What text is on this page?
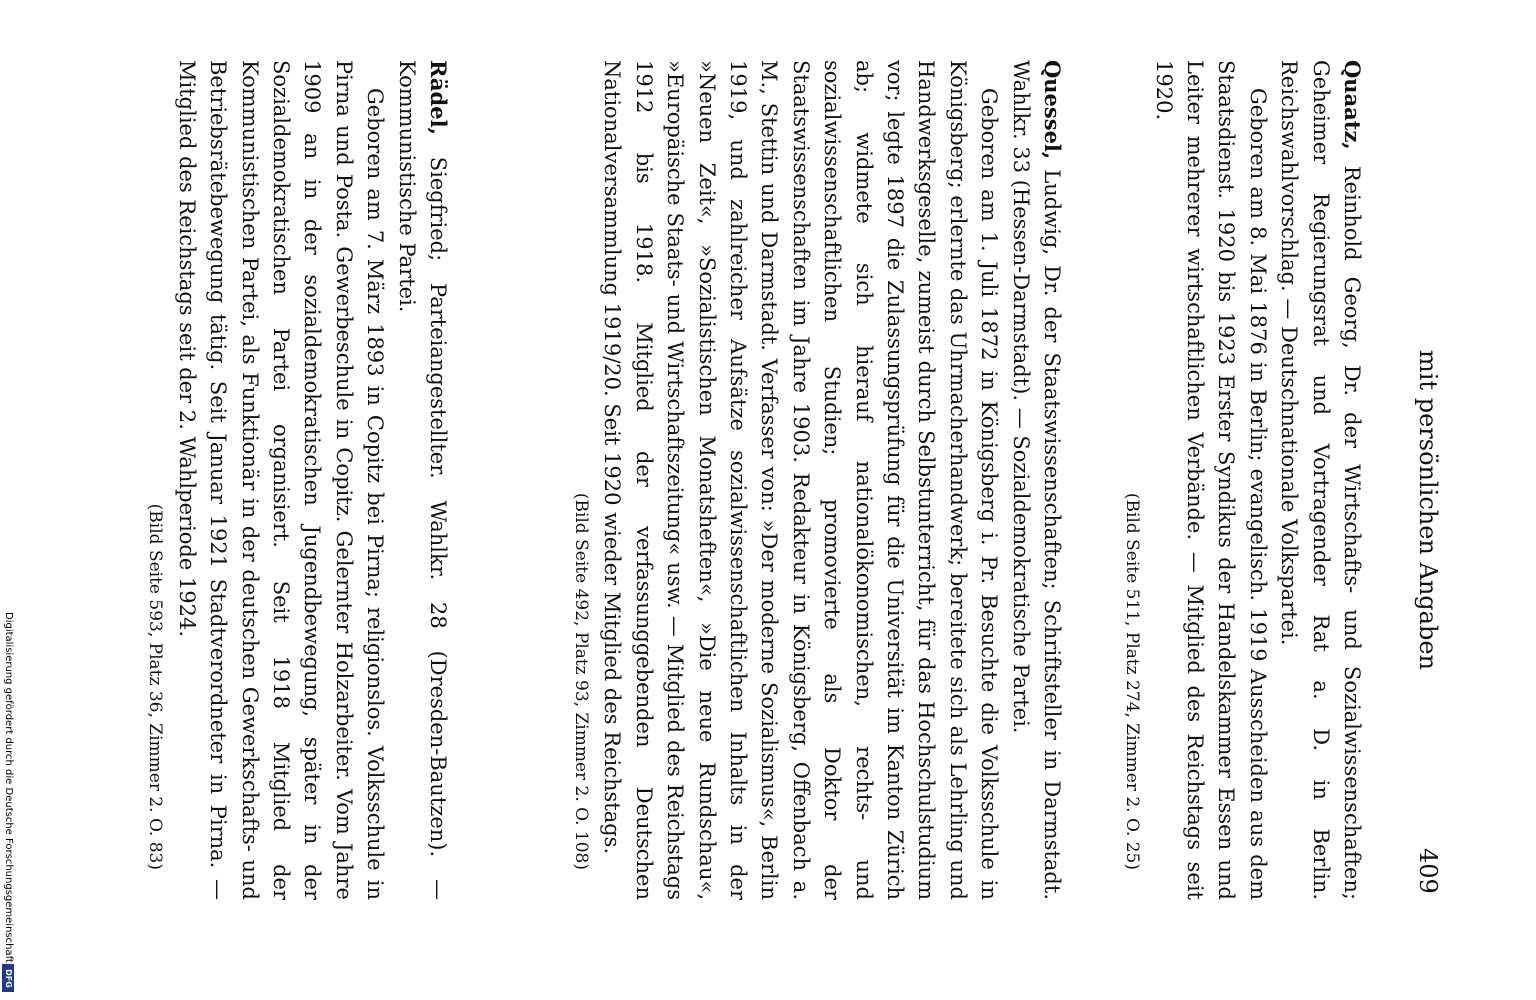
mit persönlichen Angaben
409

Quaatz, Reinhold Georg, Dr. der Wirtschafts- und Sozialwissenschaften; Geheimer Regierungsrat und Vortragender Rat a. D. in Berlin. Reichswahlvorschlag. — Deutschnationale Volkspartei.

Geboren am 8. Mai 1876 in Berlin; evangelisch. 1919 Ausscheiden aus dem Staatsdienst. 1920 bis 1923 Erster Syndikus der Handelskammer Essen und Leiter mehrerer wirtschaftlichen Verbände. — Mitglied des Reichstags seit 1920.

(Bild Seite 511, Platz 274, Zimmer 2. O. 25)

Quessel, Ludwig, Dr. der Staatswissenschaften; Schriftsteller in Darmstadt. Wahlkr. 33 (Hessen-Darmstadt). — Sozialdemokratische Partei.

Geboren am 1. Juli 1872 in Königsberg i. Pr. Besuchte die Volksschule in Königsberg; erlernte das Uhrmacherhandwerk; bereitete sich als Lehrling und Handwerksgeselle, zumeist durch Selbstunterricht, für das Hochschulstudium vor; legte 1897 die Zulassungsprüfung für die Universität im Kanton Zürich ab; widmete sich hierauf nationalökonomischen, rechts- und sozialwissenschaftlichen Studien; promovierte als Doktor der Staatswissenschaften im Jahre 1903. Redakteur in Königsberg, Offenbach a. M., Stettin und Darmstadt. Verfasser von: »Der moderne Sozialismus«, Berlin 1919, und zahlreicher Aufsätze sozialwissenschaftlichen Inhalts in der »Neuen Zeit«, »Sozialistischen Monatsheften«, »Die neue Rundschau«, »Europäische Staats- und Wirtschaftszeitung« usw. — Mitglied des Reichstags 1912 bis 1918. Mitglied der verfassunggebenden Deutschen Nationalversammlung 1919/20. Seit 1920 wieder Mitglied des Reichstags.

(Bild Seite 492, Platz 93, Zimmer 2. O. 108)

Rädel, Siegfried; Parteiangestellter. Wahlkr. 28 (Dresden-Bautzen). — Kommunistische Partei.

Geboren am 7. März 1893 in Copitz bei Pirna; religionslos. Volksschule in Pirna und Posta. Gewerbeschule in Copitz. Gelernter Holzarbeiter. Vom Jahre 1909 an in der sozialdemokratischen Jugendbewegung, später in der Sozialdemokratischen Partei organisiert. Seit 1918 Mitglied der Kommunistischen Partei, als Funktionär in der deutschen Gewerkschafts- und Betriebsrätebewegung tätig. Seit Januar 1921 Stadtverordneter in Pirna. — Mitglied des Reichstags seit der 2. Wahlperiode 1924.

(Bild Seite 593, Platz 36, Zimmer 2. O. 83)

Digitalisierung gefördert durch die Deutsche Forschungsgemeinschaft
DFG
